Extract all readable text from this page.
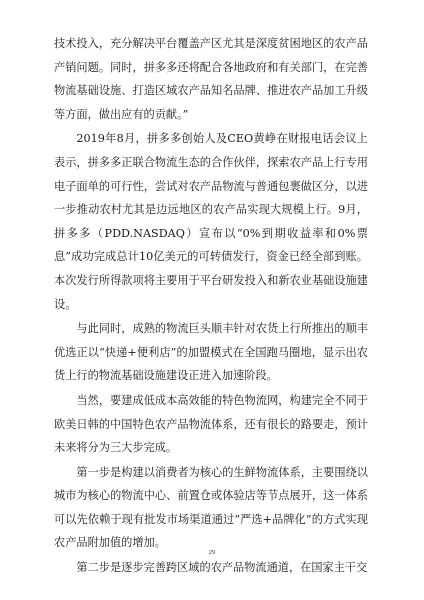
技术投入，充分解决平台覆盖产区尤其是深度贫困地区的农产品产销问题。同时，拼多多还将配合各地政府和有关部门，在完善物流基础设施、打造区域农产品知名品牌、推进农产品加工升级等方面，做出应有的贡献。”

2019年8月，拼多多创始人及CEO黄峥在财报电话会议上表示，拼多多正联合物流生态的合作伙伴，探索农产品上行专用电子面单的可行性，尝试对农产品物流与普通包裹做区分，以进一步推动农村尤其是边远地区的农产品实现大规模上行。9月，拼多多（PDD.NASDAQ）宣布以“0%到期收益率和0%票息”成功完成总计10亿美元的可转债发行，资金已经全部到账。本次发行所得款项将主要用于平台研发投入和新农业基础设施建设。

与此同时，成熟的物流巨头顺丰针对农货上行所推出的顺丰优选正以“快递+便利店”的加盟模式在全国跑马圈地，显示出农货上行的物流基础设施建设正进入加速阶段。

当然，要建成低成本高效能的特色物流网，构建完全不同于欧美日韩的中国特色农产品物流体系，还有很长的路要走，预计未来将分为三大步完成。

第一步是构建以消费者为核心的生鲜物流体系，主要围绕以城市为核心的物流中心、前置仓或体验店等节点展开，这一体系可以先依赖于现有批发市场渠道通过“严选+品牌化”的方式实现农产品附加值的增加。

第二步是逐步完善跨区域的农产品物流通道，在国家主干交

29
